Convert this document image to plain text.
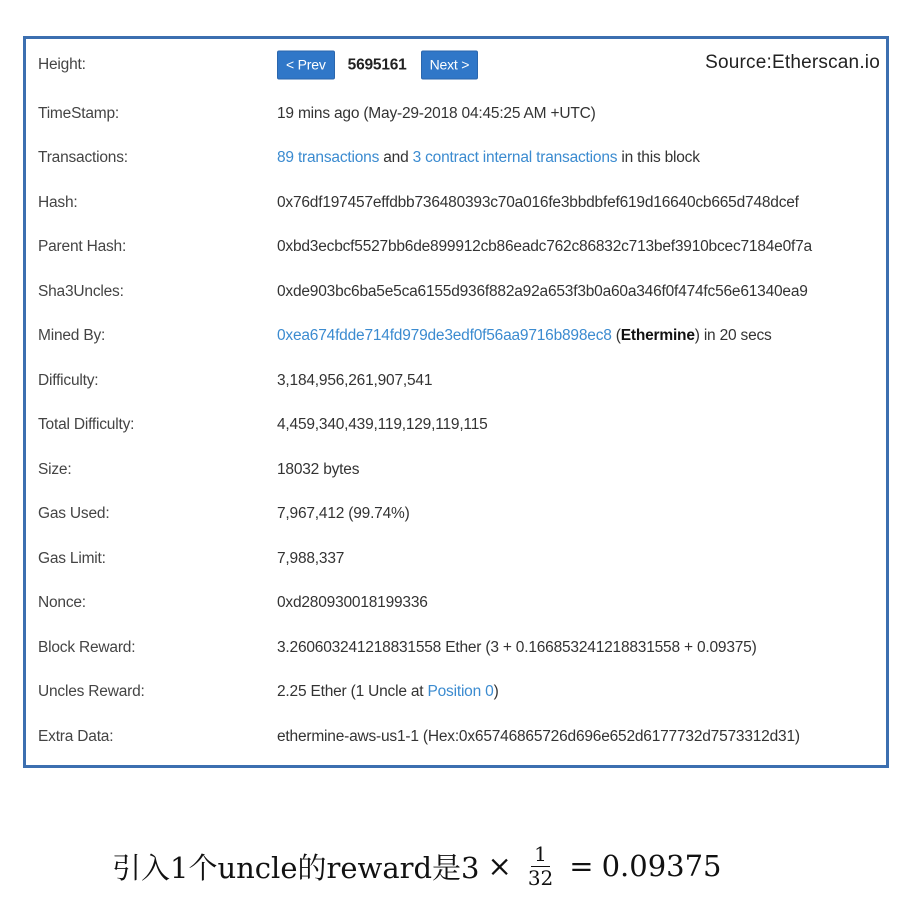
Source:Etherscan.io
Height:	< Prev 5695161 Next >
TimeStamp:	19 mins ago (May-29-2018 04:45:25 AM +UTC)
Transactions:	89 transactions and 3 contract internal transactions in this block
Hash:	0x76df197457effdbb736480393c70a016fe3bbdbfef619d16640cb665d748dcef
Parent Hash:	0xbd3ecbcf5527bb6de899912cb86eadc762c86832c713bef3910bcec7184e0f7a
Sha3Uncles:	0xde903bc6ba5e5ca6155d936f882a92a653f3b0a60a346f0f474fc56e61340ea9
Mined By:	0xea674fdde714fd979de3edf0f56aa9716b898ec8 (Ethermine) in 20 secs
Difficulty:	3,184,956,261,907,541
Total Difficulty:	4,459,340,439,119,129,119,115
Size:	18032 bytes
Gas Used:	7,967,412 (99.74%)
Gas Limit:	7,988,337
Nonce:	0xd280930018199336
Block Reward:	3.260603241218831558 Ether (3 + 0.166853241218831558 + 0.09375)
Uncles Reward:	2.25 Ether (1 Uncle at Position 0)
Extra Data:	ethermine-aws-us1-1 (Hex:0x65746865726d696e652d6177732d7573312d31)
引入1个uncle的reward是$3 \times \frac{1}{32} = 0.09375$
